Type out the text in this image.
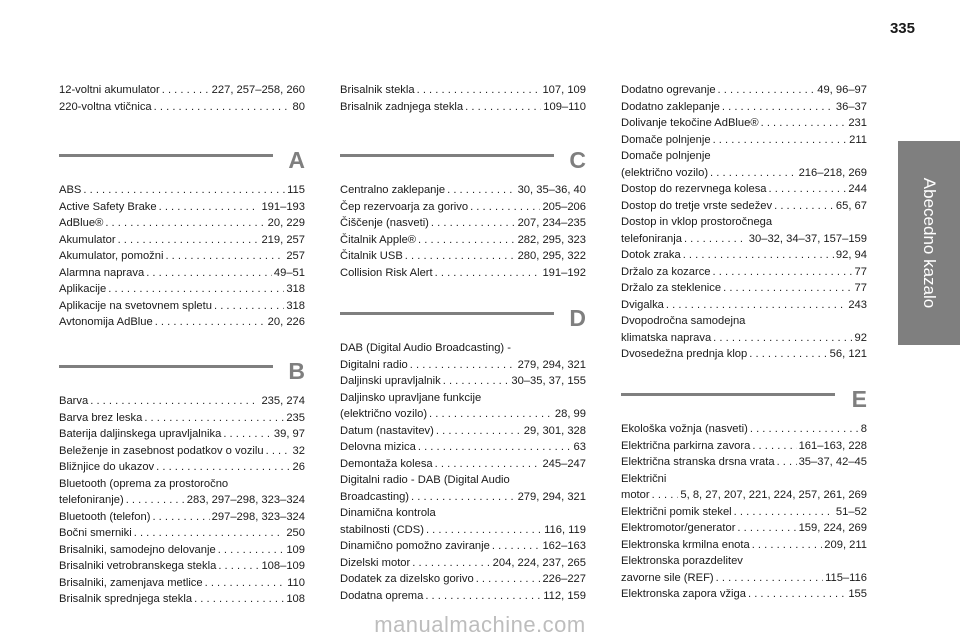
335
Abecedno kazalo
12-voltni akumulator . . .	227, 257–258, 260
220-voltna vtičnica . . .	80
A
ABS . . .	115
Active Safety Brake . . .	191–193
AdBlue® . . .	20, 229
Akumulator . . .	219, 257
Akumulator, pomožni . . .	257
Alarmna naprava . . .	49–51
Aplikacije . . .	318
Aplikacije na svetovnem spletu . . .	318
Avtonomija AdBlue . . .	20, 226
B
Barva . . .	235, 274
Barva brez leska . . .	235
Baterija daljinskega upravljalnika . . .	39, 97
Beleženje in zasebnost podatkov o vozilu . . .	32
Bližnjice do ukazov . . .	26
Bluetooth (oprema za prostoročno
telefoniranje) . . .	283, 297–298, 323–324
Bluetooth (telefon) . . .	297–298, 323–324
Bočni smerniki . . .	250
Brisalniki, samodejno delovanje . . .	109
Brisalniki vetrobranskega stekla . . .	108–109
Brisalniki, zamenjava metlice . . .	110
Brisalnik sprednjega stekla . . .	108
Brisalnik stekla . . .	107, 109
Brisalnik zadnjega stekla . . .	109–110
C
Centralno zaklepanje . . .	30, 35–36, 40
Čep rezervoarja za gorivo . . .	205–206
Čiščenje (nasveti) . . .	207, 234–235
Čitalnik Apple® . . .	282, 295, 323
Čitalnik USB . . .	280, 295, 322
Collision Risk Alert . . .	191–192
D
DAB (Digital Audio Broadcasting) -
Digitalni radio . . .	279, 294, 321
Daljinski upravljalnik . . .	30–35, 37, 155
Daljinsko upravljane funkcije
(električno vozilo) . . .	28, 99
Datum (nastavitev) . . .	29, 301, 328
Delovna mizica . . .	63
Demontaža kolesa . . .	245–247
Digitalni radio - DAB (Digital Audio
Broadcasting) . . .	279, 294, 321
Dinamična kontrola
stabilnosti (CDS) . . .	116, 119
Dinamično pomožno zaviranje . . .	162–163
Dizelski motor . . .	204, 224, 237, 265
Dodatek za dizelsko gorivo . . .	226–227
Dodatna oprema . . .	112, 159
Dodatno ogrevanje . . .	49, 96–97
Dodatno zaklepanje . . .	36–37
Dolivanje tekočine AdBlue® . . .	231
Domače polnjenje . . .	211
Domače polnjenje
(električno vozilo) . . .	216–218, 269
Dostop do rezervnega kolesa . . .	244
Dostop do tretje vrste sedežev . . .	65, 67
Dostop in vklop prostoročnega
telefoniranja . . .	30–32, 34–37, 157–159
Dotok zraka . . .	92, 94
Držalo za kozarce . . .	77
Držalo za steklenice . . .	77
Dvigalka . . .	243
Dvopodročna samodejna
klimatska naprava . . .	92
Dvosedežna prednja klop . . .	56, 121
E
Ekološka vožnja (nasveti) . . .	8
Električna parkirna zavora . . .	161–163, 228
Električna stranska drsna vrata . . . 35–37, 42–45
Električni
motor . . .	5, 8, 27, 207, 221, 224, 257, 261, 269
Električni pomik stekel . . .	51–52
Elektromotor/generator . . .	159, 224, 269
Elektronska krmilna enota . . .	209, 211
Elektronska porazdelitev
zavorne sile (REF) . . .	115–116
Elektronska zapora vžiga . . .	155
manualmachine.com
